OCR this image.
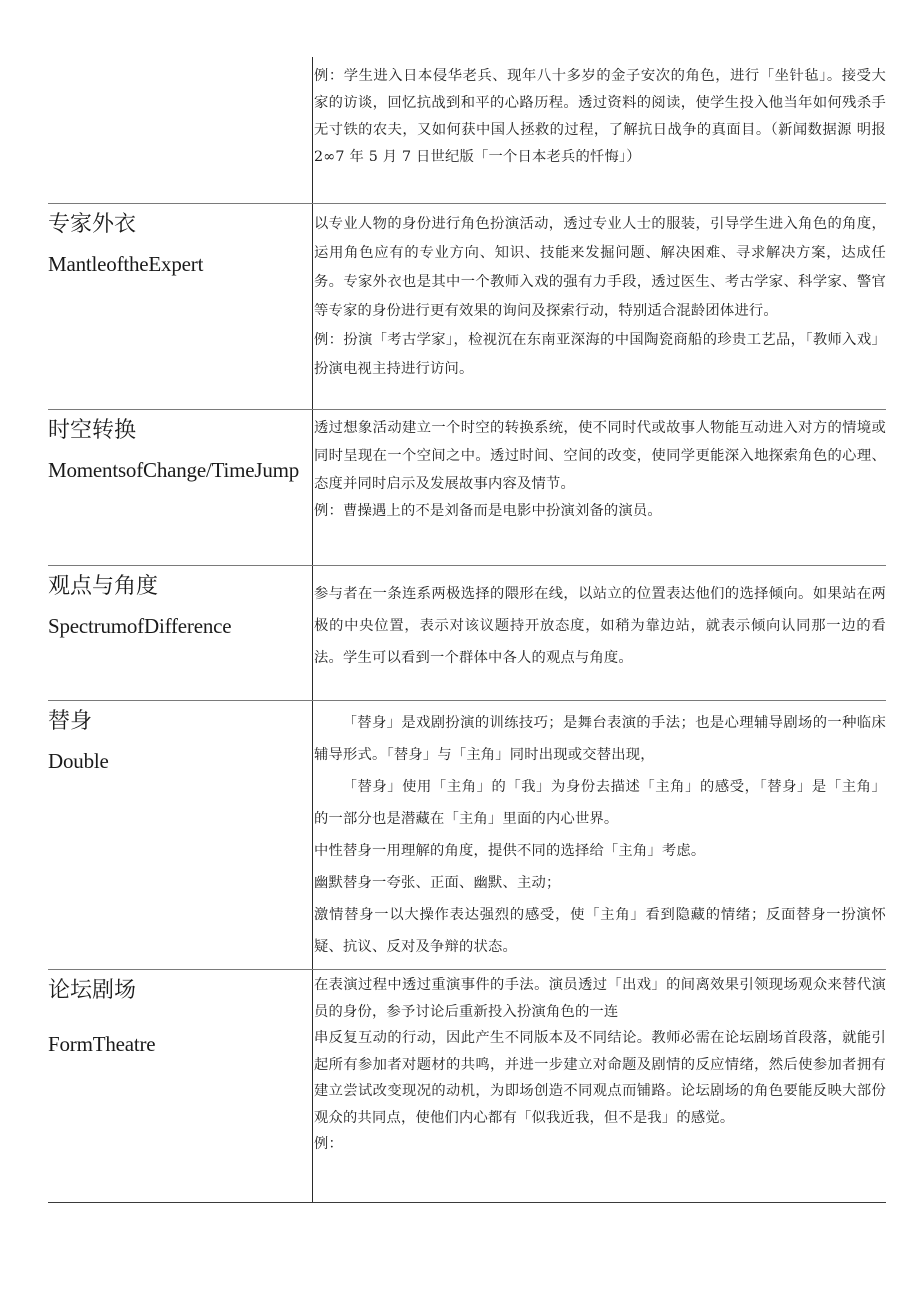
例：学生进入日本侵华老兵、现年八十多岁的金子安次的角色，进行「坐针毡」。接受大家的访谈，回忆抗战到和平的心路历程。透过资料的阅读，使学生投入他当年如何残杀手无寸铁的农夫，又如何获中国人拯救的过程，了解抗日战争的真面目。（新闻数据源 明报 2∞7 年 5 月 7 日世纪版「一个日本老兵的忏悔」）

专家外衣
MantleoftheExpert

以专业人物的身份进行角色扮演活动，透过专业人士的服装，引导学生进入角色的角度，运用角色应有的专业方向、知识、技能来发掘问题、解决困难、寻求解决方案，达成任务。专家外衣也是其中一个教师入戏的强有力手段，透过医生、考古学家、科学家、警官等专家的身份进行更有效果的询问及探索行动，特别适合混龄团体进行。

例：扮演「考古学家」，检视沉在东南亚深海的中国陶瓷商船的珍贵工艺品，「教师入戏」扮演电视主持进行访问。

时空转换
MomentsofChange/TimeJump

透过想象活动建立一个时空的转换系统，使不同时代或故事人物能互动进入对方的情境或同时呈现在一个空间之中。透过时间、空间的改变，使同学更能深入地探索角色的心理、态度并同时启示及发展故事内容及情节。

例：曹操遇上的不是刘备而是电影中扮演刘备的演员。

观点与角度
SpectrumofDifference

参与者在一条连系两极选择的隈形在线，以站立的位置表达他们的选择倾向。如果站在两极的中央位置，表示对该议题持开放态度，如稍为靠边站，就表示倾向认同那一边的看法。学生可以看到一个群体中各人的观点与角度。

替身
Double

「替身」是戏剧扮演的训练技巧；是舞台表演的手法；也是心理辅导剧场的一种临床辅导形式。「替身」与「主角」同时出现或交替出现，

「替身」使用「主角」的「我」为身份去描述「主角」的感受，「替身」是「主角」的一部分也是潜藏在「主角」里面的内心世界。

中性替身一用理解的角度，提供不同的选择给「主角」考虑。

幽默替身一夸张、正面、幽默、主动；

激情替身一以大操作表达强烈的感受，使「主角」看到隐藏的情绪；反面替身一扮演怀疑、抗议、反对及争辩的状态。

论坛剧场
FormTheatre

在表演过程中透过重演事件的手法。演员透过「出戏」的间离效果引领现场观众来替代演员的身份，参予讨论后重新投入扮演角色的一连

串反复互动的行动，因此产生不同版本及不同结论。教师必需在论坛剧场首段落，就能引起所有参加者对题材的共鸣，并进一步建立对命题及剧情的反应情绪，然后使参加者拥有建立尝试改变现况的动机，为即场创造不同观点而铺路。论坛剧场的角色要能反映大部份观众的共同点，使他们内心都有「似我近我，但不是我」的感觉。

例：
